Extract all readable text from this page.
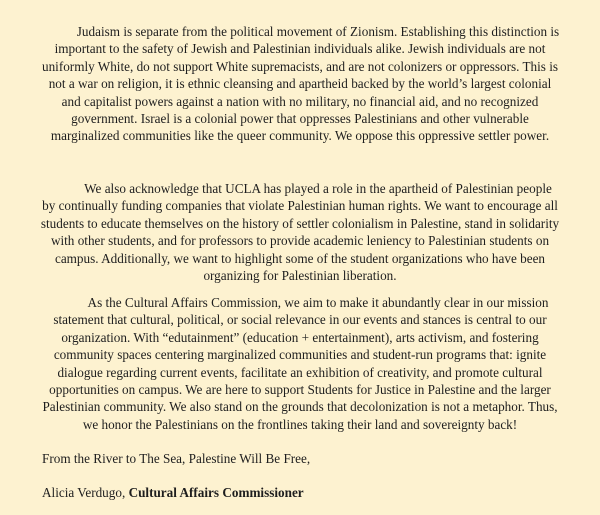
Judaism is separate from the political movement of Zionism. Establishing this distinction is important to the safety of Jewish and Palestinian individuals alike. Jewish individuals are not uniformly White, do not support White supremacists, and are not colonizers or oppressors. This is not a war on religion, it is ethnic cleansing and apartheid backed by the world’s largest colonial and capitalist powers against a nation with no military, no financial aid, and no recognized government. Israel is a colonial power that oppresses Palestinians and other vulnerable marginalized communities like the queer community. We oppose this oppressive settler power.

We also acknowledge that UCLA has played a role in the apartheid of Palestinian people by continually funding companies that violate Palestinian human rights. We want to encourage all students to educate themselves on the history of settler colonialism in Palestine, stand in solidarity with other students, and for professors to provide academic leniency to Palestinian students on campus. Additionally, we want to highlight some of the student organizations who have been organizing for Palestinian liberation.

As the Cultural Affairs Commission, we aim to make it abundantly clear in our mission statement that cultural, political, or social relevance in our events and stances is central to our organization. With “edutainment” (education + entertainment), arts activism, and fostering community spaces centering marginalized communities and student-run programs that: ignite dialogue regarding current events, facilitate an exhibition of creativity, and promote cultural opportunities on campus. We are here to support Students for Justice in Palestine and the larger Palestinian community. We also stand on the grounds that decolonization is not a metaphor. Thus, we honor the Palestinians on the frontlines taking their land and sovereignty back!

From the River to The Sea, Palestine Will Be Free,

Alicia Verdugo, Cultural Affairs Commissioner
